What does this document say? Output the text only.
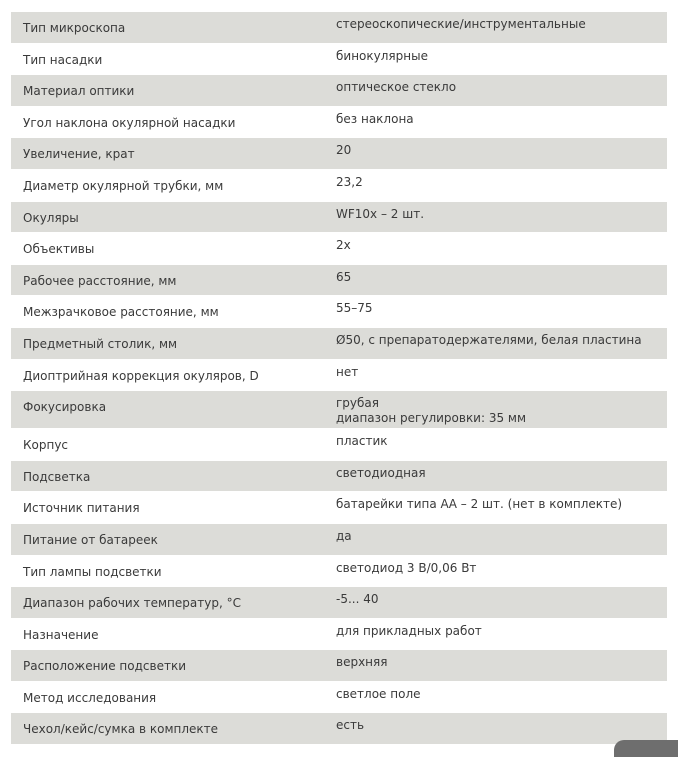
Тип микроскопа	стереоскопические/инструментальные

Тип насадки	бинокулярные

Материал оптики	оптическое стекло

Угол наклона окулярной насадки	без наклона

Увеличение, крат	20

Диаметр окулярной трубки, мм	23,2

Окуляры	WF10x – 2 шт.

Объективы	2x

Рабочее расстояние, мм	65

Межзрачковое расстояние, мм	55–75

Предметный столик, мм	Ø50, с препаратодержателями, белая пластина

Диоптрийная коррекция окуляров, D	нет

Фокусировка	грубая
диапазон регулировки: 35 мм

Корпус	пластик

Подсветка	светодиодная

Источник питания	батарейки типа АА – 2 шт. (нет в комплекте)

Питание от батареек	да

Тип лампы подсветки	светодиод 3 В/0,06 Вт

Диапазон рабочих температур, °С	-5... 40

Назначение	для прикладных работ

Расположение подсветки	верхняя

Метод исследования	светлое поле

Чехол/кейс/сумка в комплекте	есть
